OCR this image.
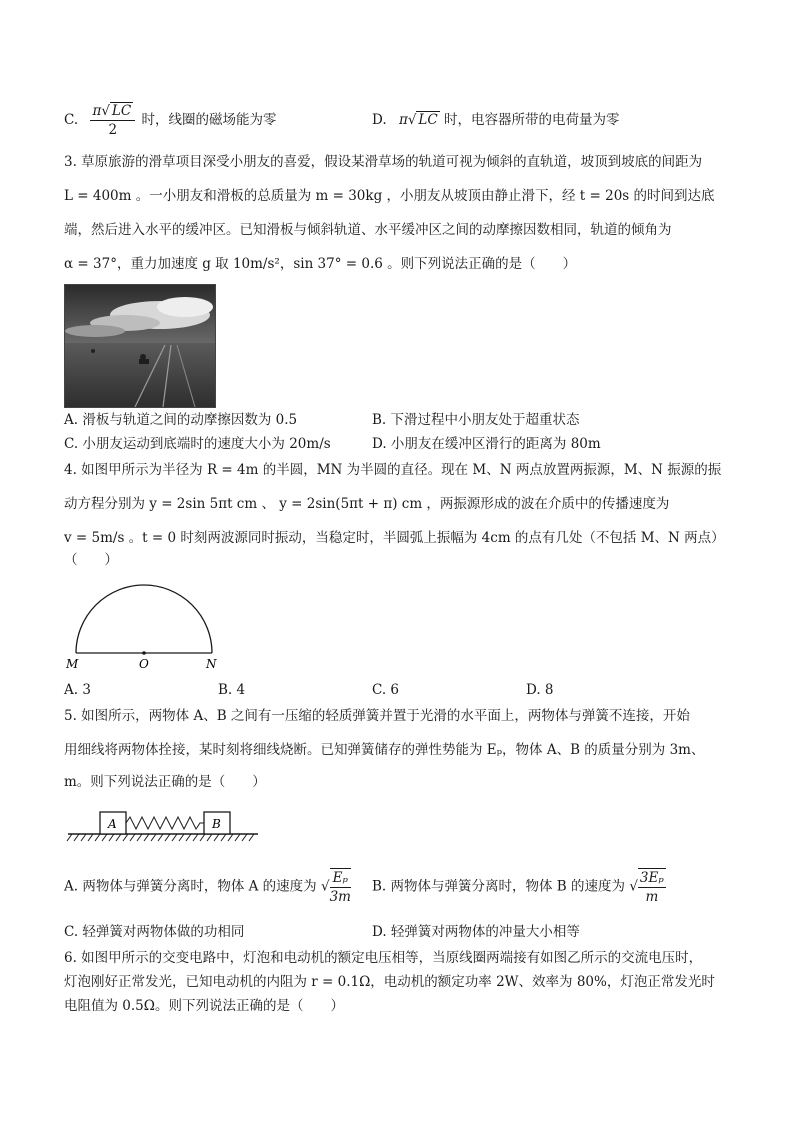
C. $\frac{\pi√ LC}{2}$ 时，线圈的磁场能为零	D. π√ LC 时，电容器所带的电荷量为零
3. 草原旅游的滑草项目深受小朋友的喜爱，假设某滑草场的轨道可视为倾斜的直轨道，坡顶到坡底的间距为
L = 400m 。一小朋友和滑板的总质量为 m = 30kg ，小朋友从坡顶由静止滑下，经 t = 20s 的时间到达底
端，然后进入水平的缓冲区。已知滑板与倾斜轨道、水平缓冲区之间的动摩擦因数相同，轨道的倾角为
α = 37°，重力加速度 g 取 10m/s²，sin 37° = 0.6 。则下列说法正确的是（　　）
A. 滑板与轨道之间的动摩擦因数为 0.5	B. 下滑过程中小朋友处于超重状态
C. 小朋友运动到底端时的速度大小为 20m/s	D. 小朋友在缓冲区滑行的距离为 80m
4. 如图甲所示为半径为 R = 4m 的半圆，MN 为半圆的直径。现在 M、N 两点放置两振源，M、N 振源的振
动方程分别为 y = 2sin 5πt cm 、 y = 2sin(5πt + π) cm ，两振源形成的波在介质中的传播速度为
v = 5m/s 。t = 0 时刻两波源同时振动，当稳定时，半圆弧上振幅为 4cm 的点有几处（不包括 M、N 两点）
（　　）
M	O	N
A. 3	B. 4	C. 6	D. 8
5. 如图所示，两物体 A、B 之间有一压缩的轻质弹簧并置于光滑的水平面上，两物体与弹簧不连接，开始
用细线将两物体拴接，某时刻将细线烧断。已知弹簧储存的弹性势能为 Eₚ，物体 A、B 的质量分别为 3m、
m。则下列说法正确的是（　　）
A	B
A. 两物体与弹簧分离时，物体 A 的速度为 √ $\frac{\text{Eₚ}}{3m} B$. 两物体与弹簧分离时，物体 B 的速度为 √ $\frac{\text{3Eₚ}}{m}$
C. 轻弹簧对两物体做的功相同	D. 轻弹簧对两物体的冲量大小相等
6. 如图甲所示的交变电路中，灯泡和电动机的额定电压相等，当原线圈两端接有如图乙所示的交流电压时，
灯泡刚好正常发光，已知电动机的内阻为 r = 0.1Ω，电动机的额定功率 2W、效率为 80%，灯泡正常发光时
电阻值为 0.5Ω。则下列说法正确的是（　　）
